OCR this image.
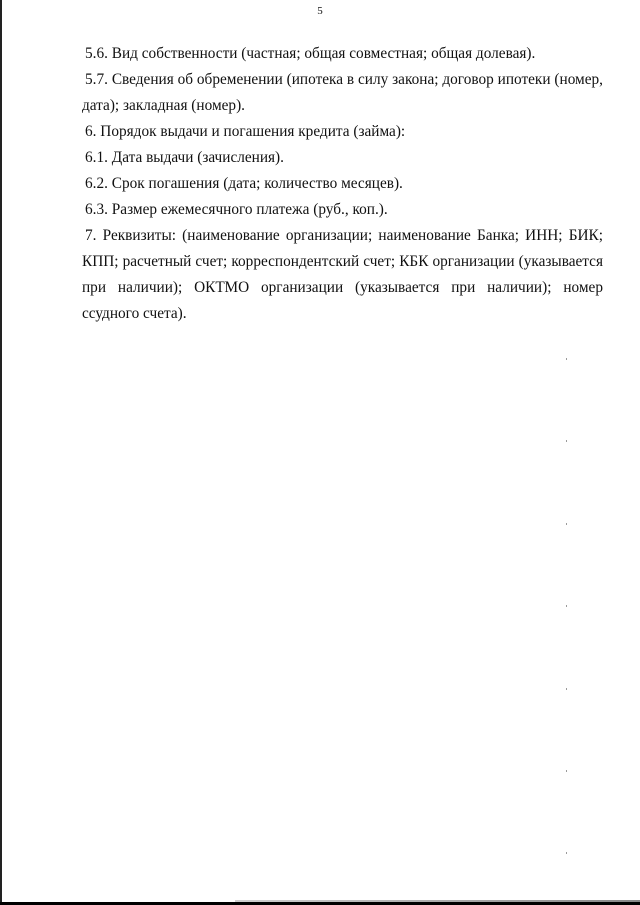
5

5.6. Вид собственности (частная; общая совместная; общая долевая).

5.7. Сведения об обременении (ипотека в силу закона; договор ипотеки (номер, дата); закладная (номер).

6. Порядок выдачи и погашения кредита (займа):

6.1. Дата выдачи (зачисления).

6.2. Срок погашения (дата; количество месяцев).

6.3. Размер ежемесячного платежа (руб., коп.).

7. Реквизиты: (наименование организации; наименование Банка; ИНН; БИК; КПП; расчетный счет; корреспондентский счет; КБК организации (указывается при наличии); ОКТМО организации (указывается при наличии); номер ссудного счета).
